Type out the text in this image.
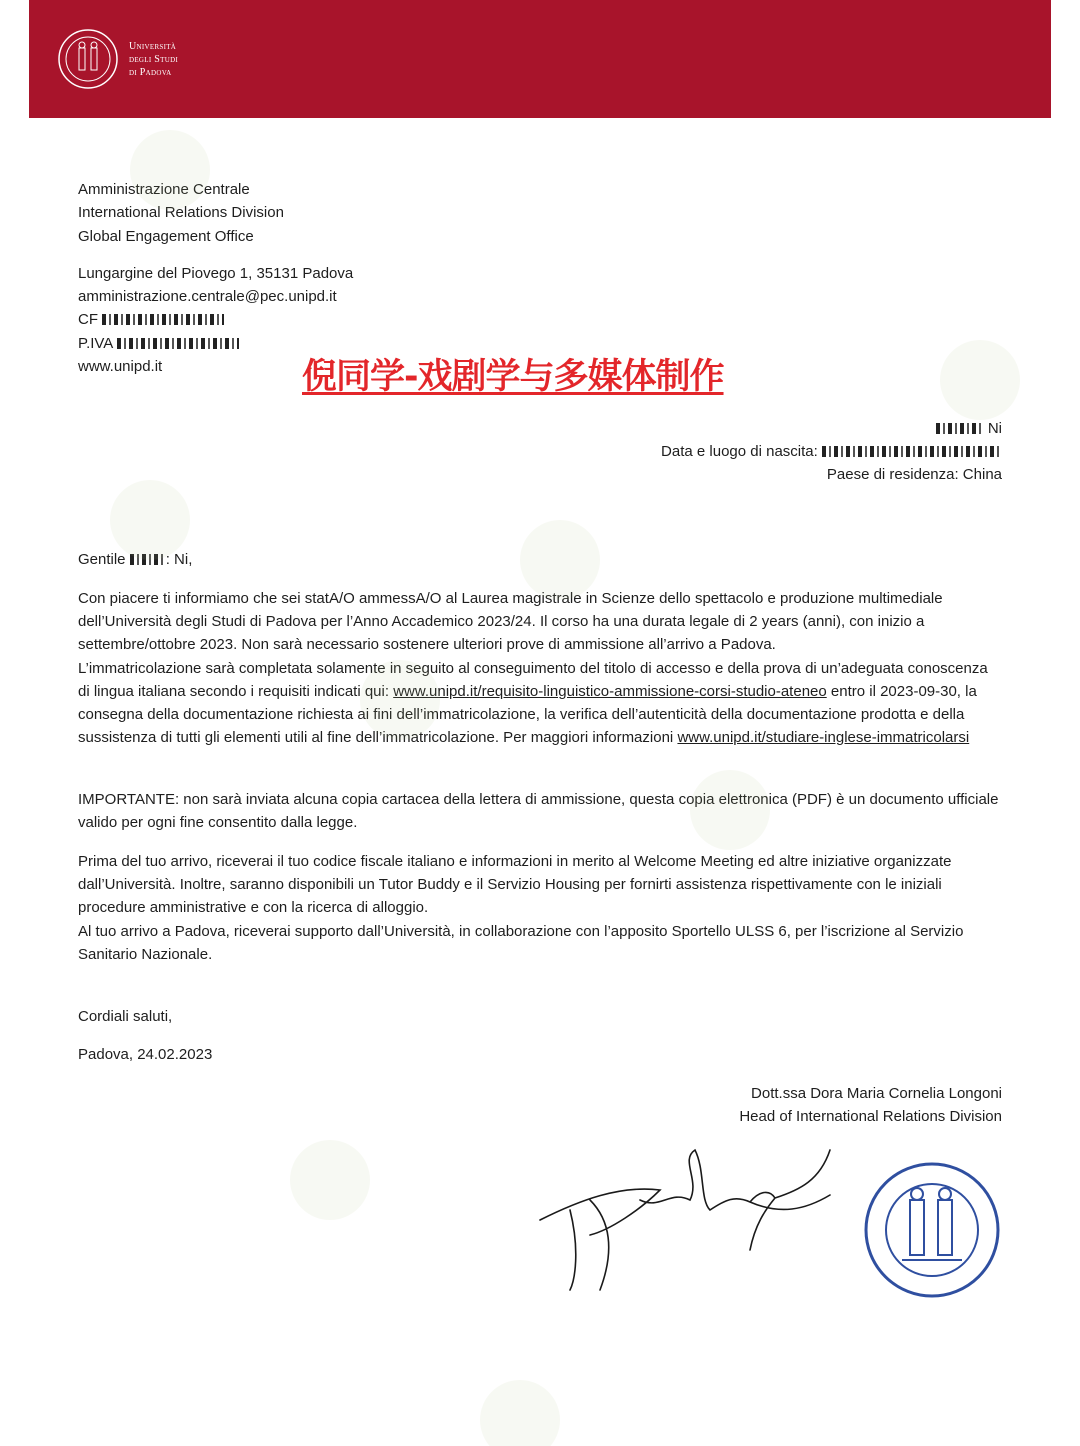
Università
degli Studi
di Padova
Amministrazione Centrale
International Relations Division
Global Engagement Office
Lungargine del Piovego 1, 35131 Padova
amministrazione.centrale@pec.unipd.it
CF
P.IVA
www.unipd.it	倪同学-戏剧学与多媒体制作
Ni
Data e luogo di nascita:
Paese di residenza: China
Gentile	: Ni,
Con piacere ti informiamo che sei statA/O ammessA/O al Laurea magistrale in Scienze dello spettacolo e produzione multimediale dell’Università degli Studi di Padova per l’Anno Accademico 2023/24. Il corso ha una durata legale di 2 years (anni), con inizio a settembre/ottobre 2023. Non sarà necessario sostenere ulteriori prove di ammissione all’arrivo a Padova.
L’immatricolazione sarà completata solamente in seguito al conseguimento del titolo di accesso e della prova di un’adeguata conoscenza di lingua italiana secondo i requisiti indicati qui: www.unipd.it/requisito-linguistico-ammissione-corsi-studio-ateneo entro il 2023-09-30, la consegna della documentazione richiesta ai fini dell’immatricolazione, la verifica dell’autenticità della documentazione prodotta e della sussistenza di tutti gli elementi utili al fine dell’immatricolazione. Per maggiori informazioni www.unipd.it/studiare-inglese-immatricolarsi
IMPORTANTE: non sarà inviata alcuna copia cartacea della lettera di ammissione, questa copia elettronica (PDF) è un documento ufficiale valido per ogni fine consentito dalla legge.
Prima del tuo arrivo, riceverai il tuo codice fiscale italiano e informazioni in merito al Welcome Meeting ed altre iniziative organizzate dall’Università. Inoltre, saranno disponibili un Tutor Buddy e il Servizio Housing per fornirti assistenza rispettivamente con le iniziali procedure amministrative e con la ricerca di alloggio.
Al tuo arrivo a Padova, riceverai supporto dall’Università, in collaborazione con l’apposito Sportello ULSS 6, per l’iscrizione al Servizio Sanitario Nazionale.
Cordiali saluti,
Padova, 24.02.2023
Dott.ssa Dora Maria Cornelia Longoni
Head of International Relations Division
